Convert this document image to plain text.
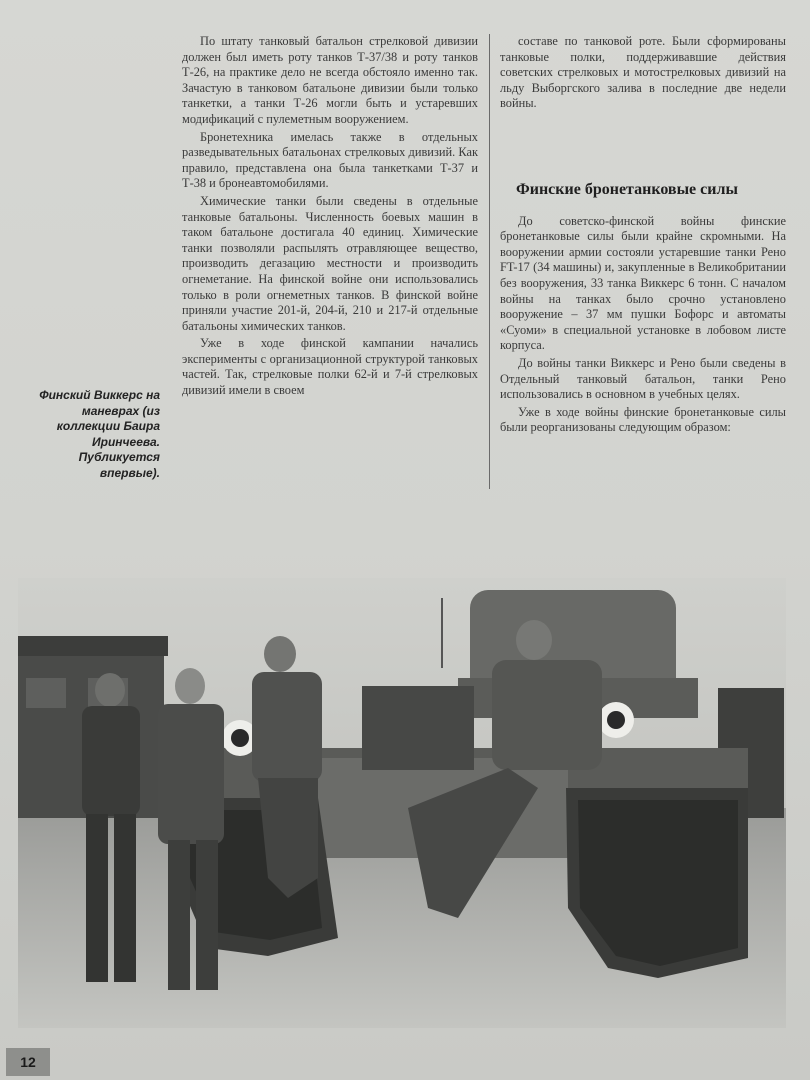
По штату танковый батальон стрелковой дивизии должен был иметь роту танков Т-37/38 и роту танков Т-26, на практике дело не всегда обстояло именно так. Зачастую в танковом батальоне дивизии были только танкетки, а танки Т-26 могли быть и устаревших модификаций с пулеметным вооружением.

Бронетехника имелась также в отдельных разведывательных батальонах стрелковых дивизий. Как правило, представлена она была танкетками Т-37 и Т-38 и бронеавтомобилями.

Химические танки были сведены в отдельные танковые батальоны. Численность боевых машин в таком батальоне достигала 40 единиц. Химические танки позволяли распылять отравляющее вещество, производить дегазацию местности и производить огнеметание. На финской войне они использовались только в роли огнеметных танков. В финской войне приняли участие 201-й, 204-й, 210 и 217-й отдельные батальоны химических танков.

Уже в ходе финской кампании начались эксперименты с организационной структурой танковых частей. Так, стрелковые полки 62-й и 7-й стрелковых дивизий имели в своем

составе по танковой роте. Были сформированы танковые полки, поддерживавшие действия советских стрелковых и мотострелковых дивизий на льду Выборгского залива в последние две недели войны.

Финские бронетанковые силы

До советско-финской войны финские бронетанковые силы были крайне скромными. На вооружении армии состояли устаревшие танки Рено FT-17 (34 машины) и, закупленные в Великобритании без вооружения, 33 танка Виккерс 6 тонн. С началом войны на танках было срочно установлено вооружение – 37 мм пушки Бофорс и автоматы «Суоми» в специальной установке в лобовом листе корпуса.

До войны танки Виккерс и Рено были сведены в Отдельный танковый батальон, танки Рено использовались в основном в учебных целях.

Уже в ходе войны финские бронетанковые силы были реорганизованы следующим образом:

Финский Виккерс на маневрах (из коллекции Баира Иринчеева. Публикуется впервые).
12
